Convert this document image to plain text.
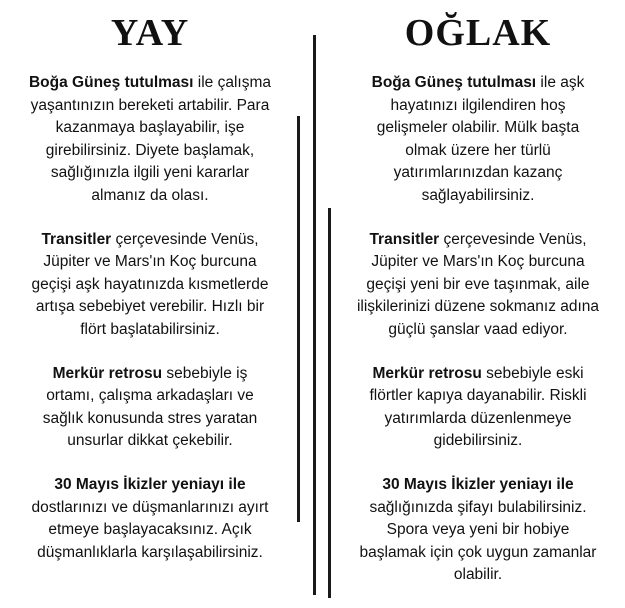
YAY

Boğa Güneş tutulması ile çalışma
yaşantınızın bereketi artabilir. Para
kazanmaya başlayabilir, işe
girebilirsiniz. Diyete başlamak,
sağlığınızla ilgili yeni kararlar
almanız da olası.

Transitler çerçevesinde Venüs,
Jüpiter ve Mars'ın Koç burcuna
geçişi aşk hayatınızda kısmetlerde
artışa sebebiyet verebilir. Hızlı bir
flört başlatabilirsiniz.

Merkür retrosu sebebiyle iş
ortamı, çalışma arkadaşları ve
sağlık konusunda stres yaratan
unsurlar dikkat çekebilir.

30 Mayıs İkizler yeniayı ile
dostlarınızı ve düşmanlarınızı ayırt
etmeye başlayacaksınız. Açık
düşmanlıklarla karşılaşabilirsiniz.

OĞLAK

Boğa Güneş tutulması ile aşk
hayatınızı ilgilendiren hoş
gelişmeler olabilir. Mülk başta
olmak üzere her türlü
yatırımlarınızdan kazanç
sağlayabilirsiniz.

Transitler çerçevesinde Venüs,
Jüpiter ve Mars'ın Koç burcuna
geçişi yeni bir eve taşınmak, aile
ilişkilerinizi düzene sokmanız adına
güçlü şanslar vaad ediyor.

Merkür retrosu sebebiyle eski
flörtler kapıya dayanabilir. Riskli
yatırımlarda düzenlenmeye
gidebilirsiniz.

30 Mayıs İkizler yeniayı ile
sağlığınızda şifayı bulabilirsiniz.
Spora veya yeni bir hobiye
başlamak için çok uygun zamanlar
olabilir.
